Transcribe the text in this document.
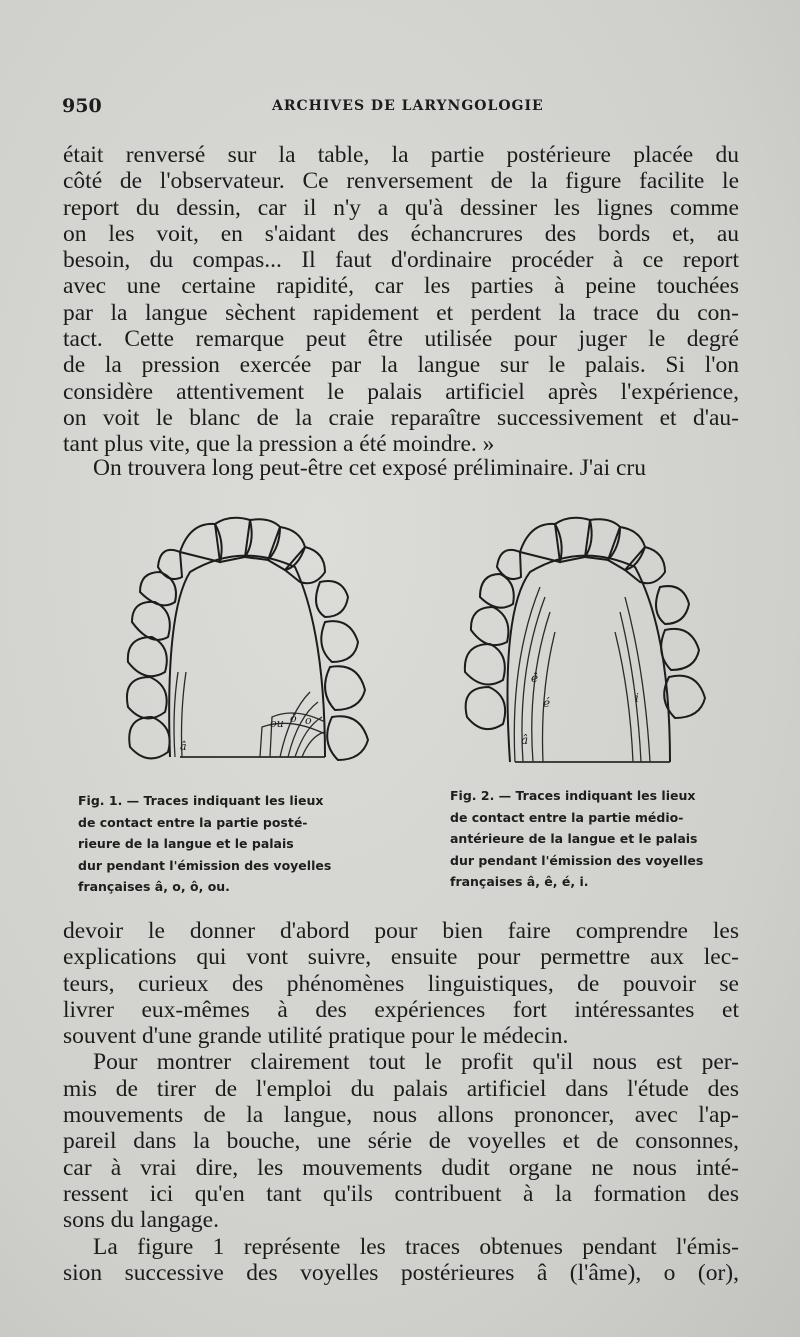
950	ARCHIVES DE LARYNGOLOGIE
était renversé sur la table, la partie postérieure placée du
côté de l'observateur. Ce renversement de la figure facilite le
report du dessin, car il n'y a qu'à dessiner les lignes comme
on les voit, en s'aidant des échancrures des bords et, au
besoin, du compas... Il faut d'ordinaire procéder à ce report
avec une certaine rapidité, car les parties à peine touchées
par la langue sèchent rapidement et perdent la trace du con-
tact. Cette remarque peut être utilisée pour juger le degré
de la pression exercée par la langue sur le palais. Si l'on
considère attentivement le palais artificiel après l'expérience,
on voit le blanc de la craie reparaître successivement et d'au-
tant plus vite, que la pression a été moindre. »
On trouvera long peut-être cet exposé préliminaire. J'ai cru
ou ô o
â
i
é
ê
â
Fig. 1. — Traces indiquant les lieux
de contact entre la partie posté-
rieure de la langue et le palais
dur pendant l'émission des voyelles
françaises â, o, ô, ou.
Fig. 2. — Traces indiquant les lieux
de contact entre la partie médio-
antérieure de la langue et le palais
dur pendant l'émission des voyelles
françaises â, ê, é, i.
devoir le donner d'abord pour bien faire comprendre les
explications qui vont suivre, ensuite pour permettre aux lec-
teurs, curieux des phénomènes linguistiques, de pouvoir se
livrer eux-mêmes à des expériences fort intéressantes et
souvent d'une grande utilité pratique pour le médecin.
Pour montrer clairement tout le profit qu'il nous est per-
mis de tirer de l'emploi du palais artificiel dans l'étude des
mouvements de la langue, nous allons prononcer, avec l'ap-
pareil dans la bouche, une série de voyelles et de consonnes,
car à vrai dire, les mouvements dudit organe ne nous inté-
ressent ici qu'en tant qu'ils contribuent à la formation des
sons du langage.
La figure 1 représente les traces obtenues pendant l'émis-
sion successive des voyelles postérieures â (l'âme), o (or),
